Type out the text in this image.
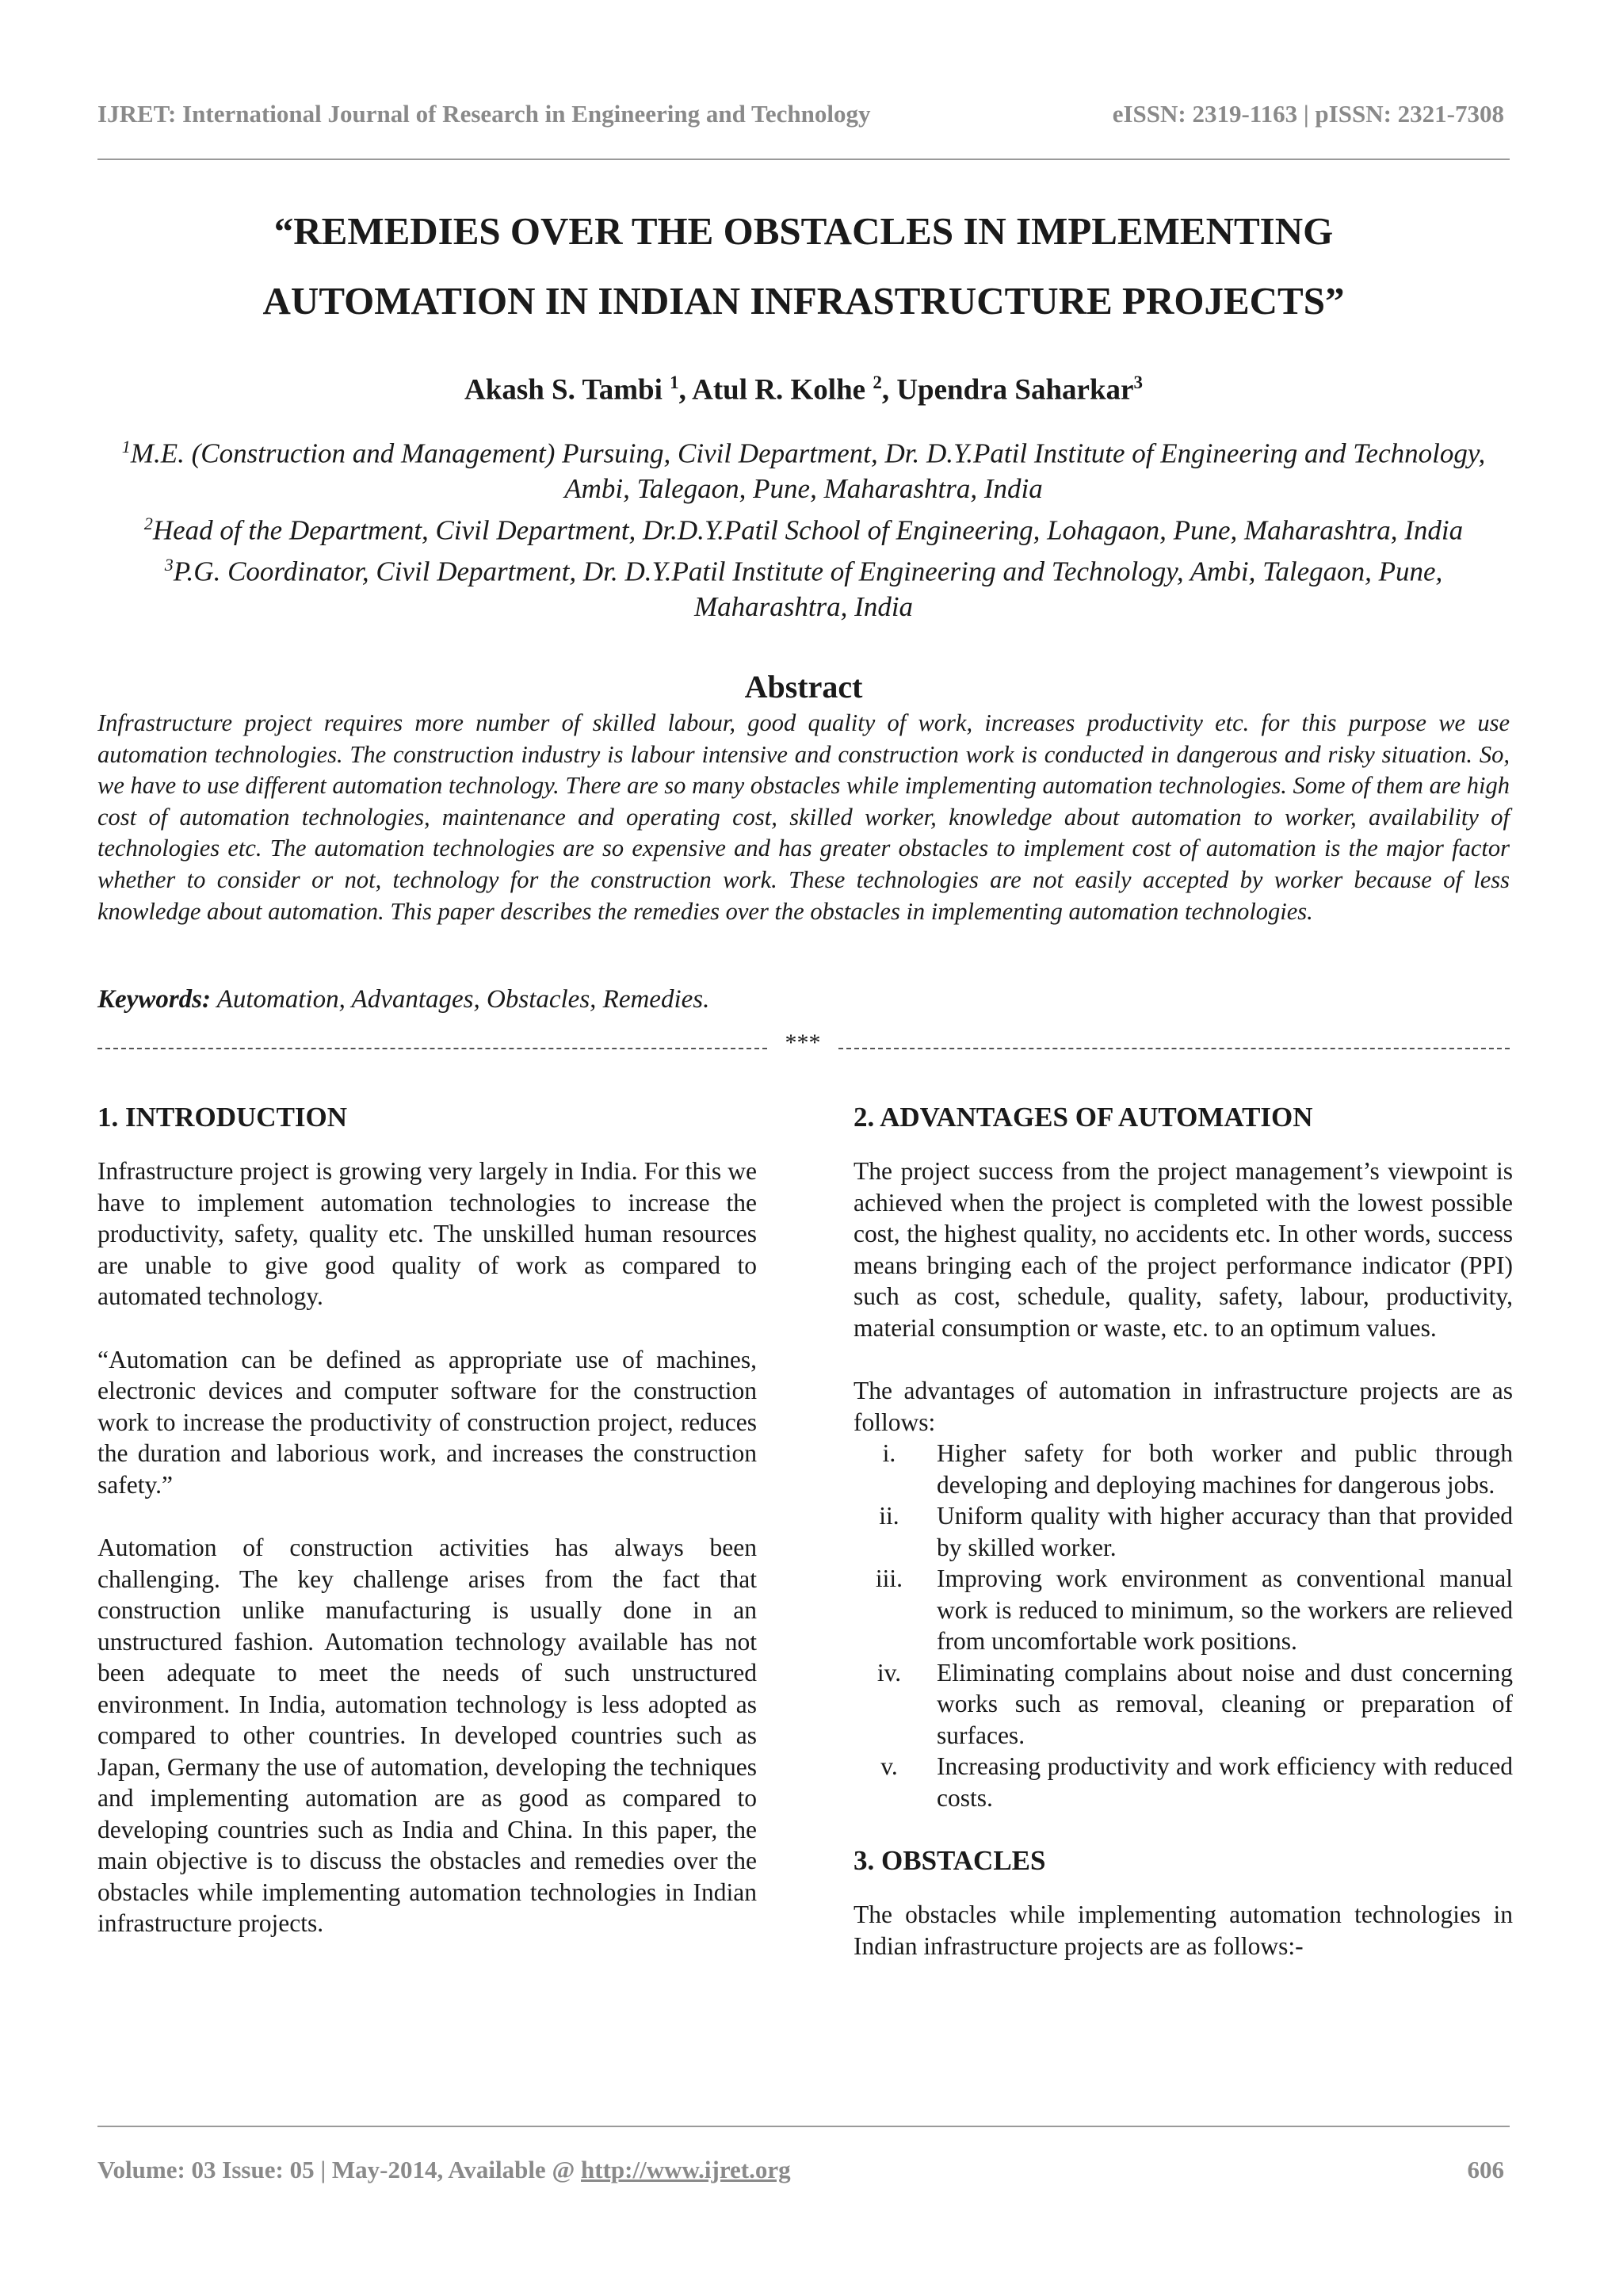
IJRET: International Journal of Research in Engineering and Technology	eISSN: 2319-1163 | pISSN: 2321-7308
“REMEDIES OVER THE OBSTACLES IN IMPLEMENTING
AUTOMATION IN INDIAN INFRASTRUCTURE PROJECTS”
Akash S. Tambi $^1$, Atul R. Kolhe $^2$, Upendra Saharkar$^3$
$^1$M.E. (Construction and Management) Pursuing, Civil Department, Dr. D.Y.Patil Institute of Engineering and Technology, Ambi, Talegaon, Pune, Maharashtra, India
$^2$Head of the Department, Civil Department, Dr.D.Y.Patil School of Engineering, Lohagaon, Pune, Maharashtra, India
$^3$P.G. Coordinator, Civil Department, Dr. D.Y.Patil Institute of Engineering and Technology, Ambi, Talegaon, Pune, Maharashtra, India
Abstract
Infrastructure project requires more number of skilled labour, good quality of work, increases productivity etc. for this purpose we use automation technologies. The construction industry is labour intensive and construction work is conducted in dangerous and risky situation. So, we have to use different automation technology. There are so many obstacles while implementing automation technologies. Some of them are high cost of automation technologies, maintenance and operating cost, skilled worker, knowledge about automation to worker, availability of technologies etc. The automation technologies are so expensive and has greater obstacles to implement cost of automation is the major factor whether to consider or not, technology for the construction work. These technologies are not easily accepted by worker because of less knowledge about automation. This paper describes the remedies over the obstacles in implementing automation technologies.
Keywords: Automation, Advantages, Obstacles, Remedies.
***
1. INTRODUCTION
Infrastructure project is growing very largely in India. For this we have to implement automation technologies to increase the productivity, safety, quality etc. The unskilled human resources are unable to give good quality of work as compared to automated technology.
“Automation can be defined as appropriate use of machines, electronic devices and computer software for the construction work to increase the productivity of construction project, reduces the duration and laborious work, and increases the construction safety.”
Automation of construction activities has always been challenging. The key challenge arises from the fact that construction unlike manufacturing is usually done in an unstructured fashion. Automation technology available has not been adequate to meet the needs of such unstructured environment. In India, automation technology is less adopted as compared to other countries. In developed countries such as Japan, Germany the use of automation, developing the techniques and implementing automation are as good as compared to developing countries such as India and China. In this paper, the main objective is to discuss the obstacles and remedies over the obstacles while implementing automation technologies in Indian infrastructure projects.
2. ADVANTAGES OF AUTOMATION
The project success from the project management’s viewpoint is achieved when the project is completed with the lowest possible cost, the highest quality, no accidents etc. In other words, success means bringing each of the project performance indicator (PPI) such as cost, schedule, quality, safety, labour, productivity, material consumption or waste, etc. to an optimum values.
The advantages of automation in infrastructure projects are as follows:
i.	Higher safety for both worker and public through developing and deploying machines for dangerous jobs.
ii.	Uniform quality with higher accuracy than that provided by skilled worker.
iii.	Improving work environment as conventional manual work is reduced to minimum, so the workers are relieved from uncomfortable work positions.
iv.	Eliminating complains about noise and dust concerning works such as removal, cleaning or preparation of surfaces.
v.	Increasing productivity and work efficiency with reduced costs.
3. OBSTACLES
The obstacles while implementing automation technologies in Indian infrastructure projects are as follows:-
Volume: 03 Issue: 05 | May-2014, Available @ http://www.ijret.org	606
